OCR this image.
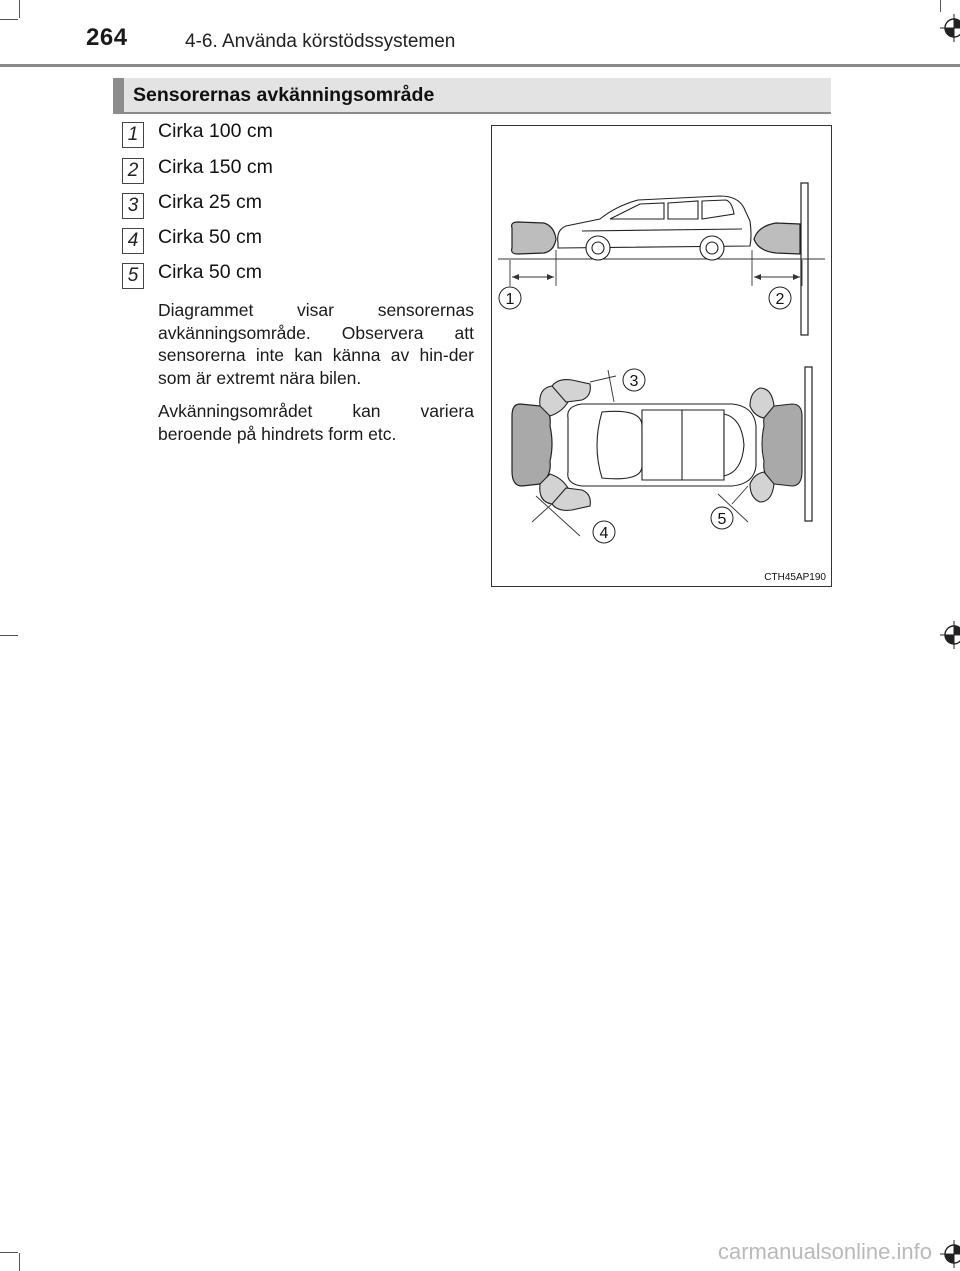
264	4-6. Använda körstödssystemen
Sensorernas avkänningsområde
1 Cirka 100 cm
2 Cirka 150 cm
3 Cirka 25 cm
4 Cirka 50 cm
5 Cirka 50 cm
Diagrammet visar sensorernas avkänningsområde. Observera att sensorerna inte kan känna av hin-der som är extremt nära bilen.
Avkänningsområdet kan variera beroende på hindrets form etc.
1	2
3
4
5
CTH45AP190
carmanualsonline.info
